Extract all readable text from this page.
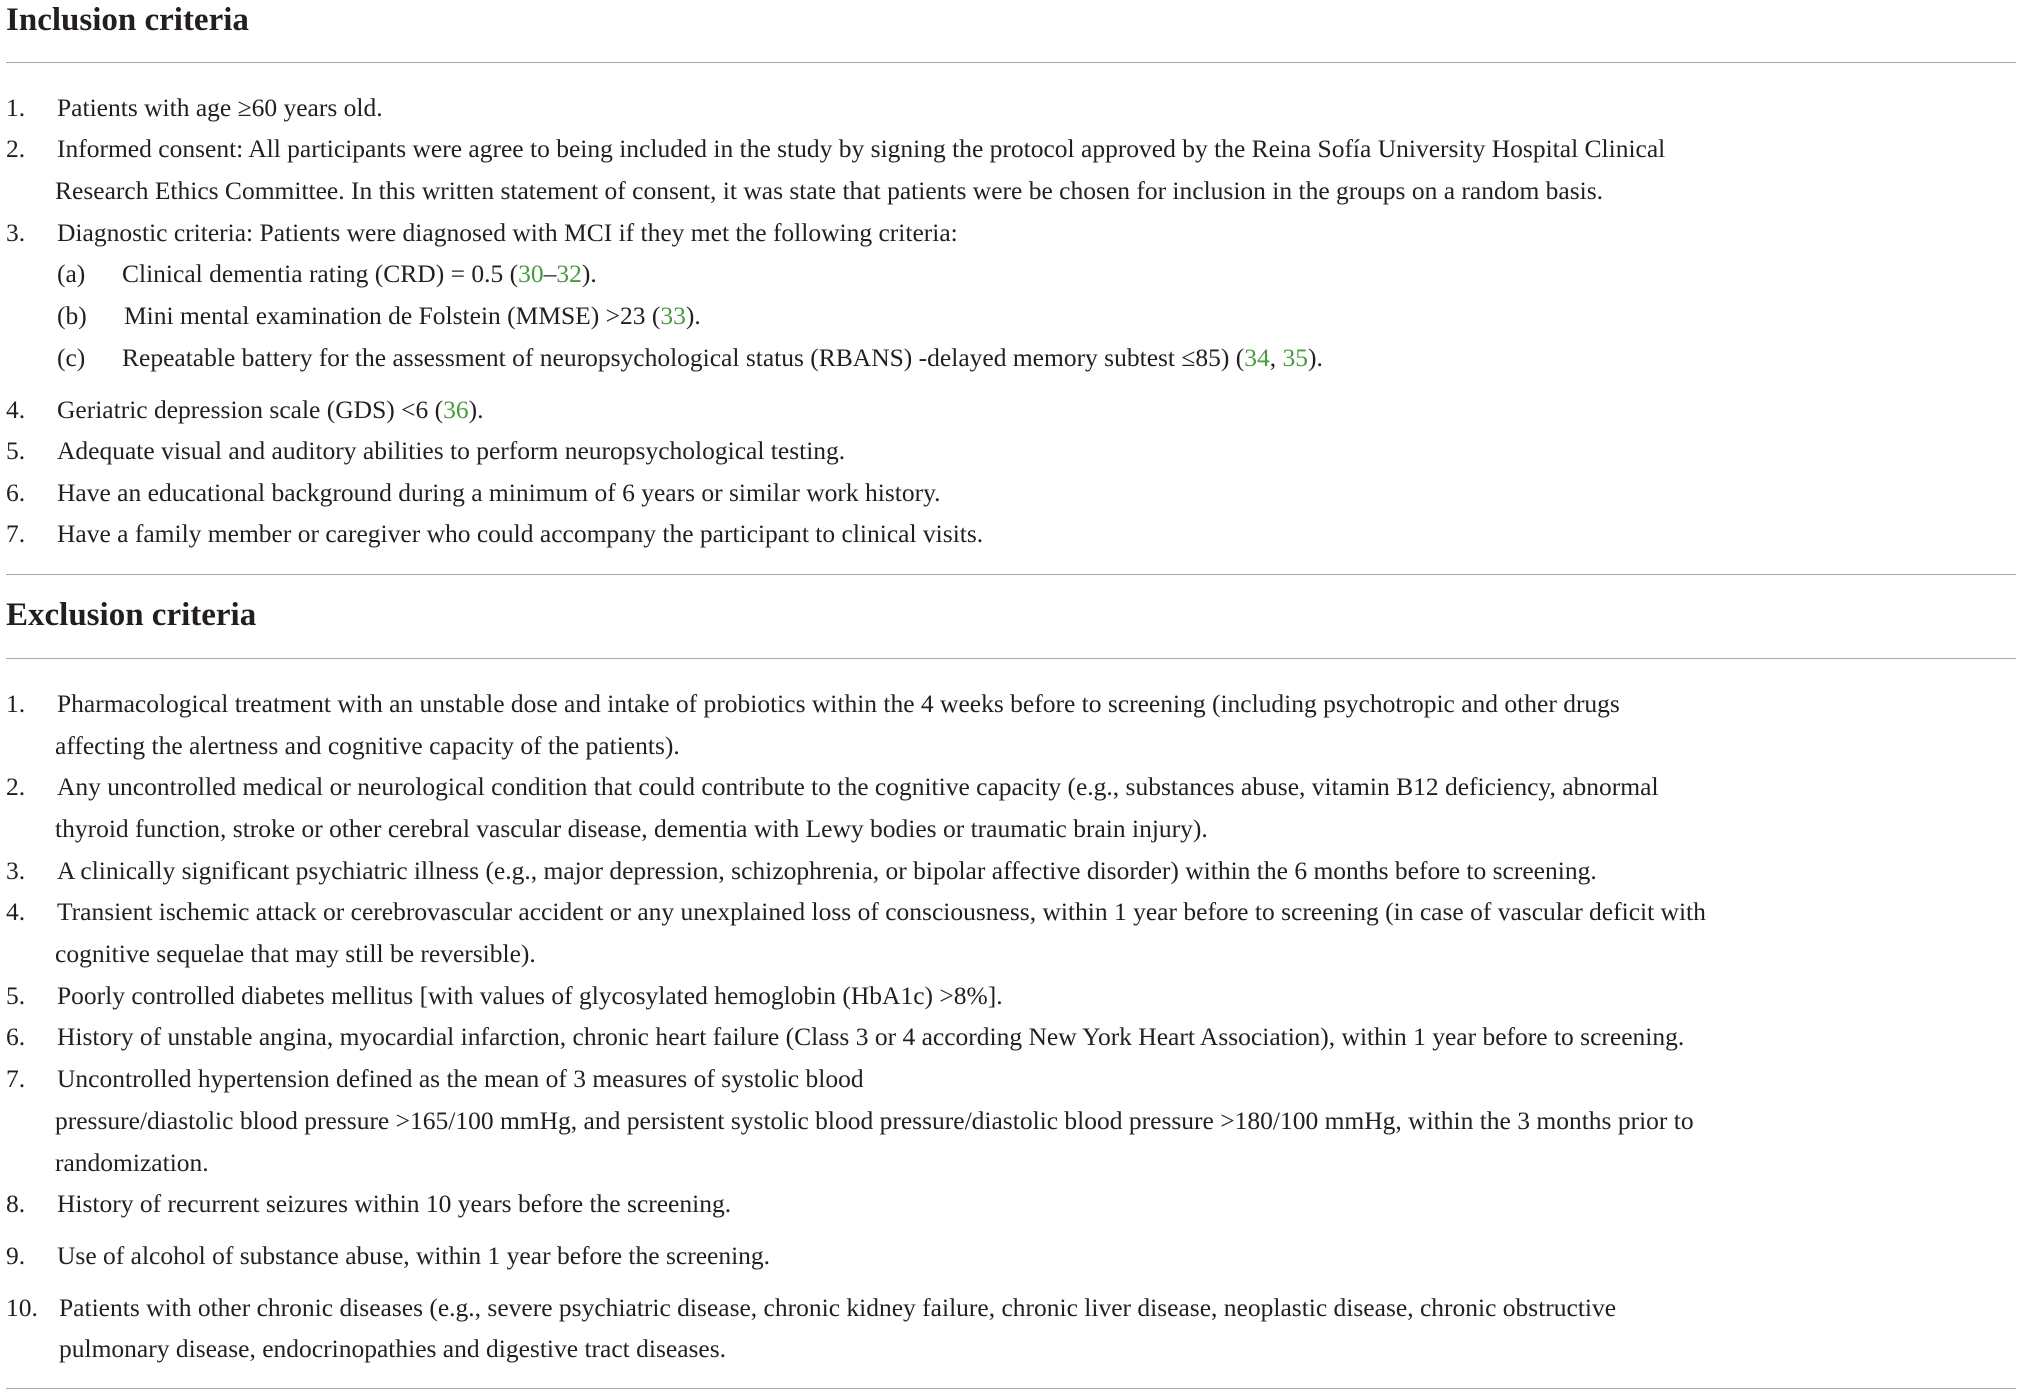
Inclusion criteria
1. Patients with age ≥60 years old.
2. Informed consent: All participants were agree to being included in the study by signing the protocol approved by the Reina Sofía University Hospital Clinical
Research Ethics Committee. In this written statement of consent, it was state that patients were be chosen for inclusion in the groups on a random basis.
3. Diagnostic criteria: Patients were diagnosed with MCI if they met the following criteria:
(a) Clinical dementia rating (CRD) = 0.5 (30–32).
(b) Mini mental examination de Folstein (MMSE) >23 (33).
(c) Repeatable battery for the assessment of neuropsychological status (RBANS) -delayed memory subtest ≤85) (34, 35).
4. Geriatric depression scale (GDS) <6 (36).
5. Adequate visual and auditory abilities to perform neuropsychological testing.
6. Have an educational background during a minimum of 6 years or similar work history.
7. Have a family member or caregiver who could accompany the participant to clinical visits.
Exclusion criteria
1. Pharmacological treatment with an unstable dose and intake of probiotics within the 4 weeks before to screening (including psychotropic and other drugs
affecting the alertness and cognitive capacity of the patients).
2. Any uncontrolled medical or neurological condition that could contribute to the cognitive capacity (e.g., substances abuse, vitamin B12 deficiency, abnormal
thyroid function, stroke or other cerebral vascular disease, dementia with Lewy bodies or traumatic brain injury).
3. A clinically significant psychiatric illness (e.g., major depression, schizophrenia, or bipolar affective disorder) within the 6 months before to screening.
4. Transient ischemic attack or cerebrovascular accident or any unexplained loss of consciousness, within 1 year before to screening (in case of vascular deficit with
cognitive sequelae that may still be reversible).
5. Poorly controlled diabetes mellitus [with values of glycosylated hemoglobin (HbA1c) >8%].
6. History of unstable angina, myocardial infarction, chronic heart failure (Class 3 or 4 according New York Heart Association), within 1 year before to screening.
7. Uncontrolled hypertension defined as the mean of 3 measures of systolic blood
pressure/diastolic blood pressure >165/100 mmHg, and persistent systolic blood pressure/diastolic blood pressure >180/100 mmHg, within the 3 months prior to
randomization.
8. History of recurrent seizures within 10 years before the screening.
9. Use of alcohol of substance abuse, within 1 year before the screening.
10. Patients with other chronic diseases (e.g., severe psychiatric disease, chronic kidney failure, chronic liver disease, neoplastic disease, chronic obstructive
pulmonary disease, endocrinopathies and digestive tract diseases.
